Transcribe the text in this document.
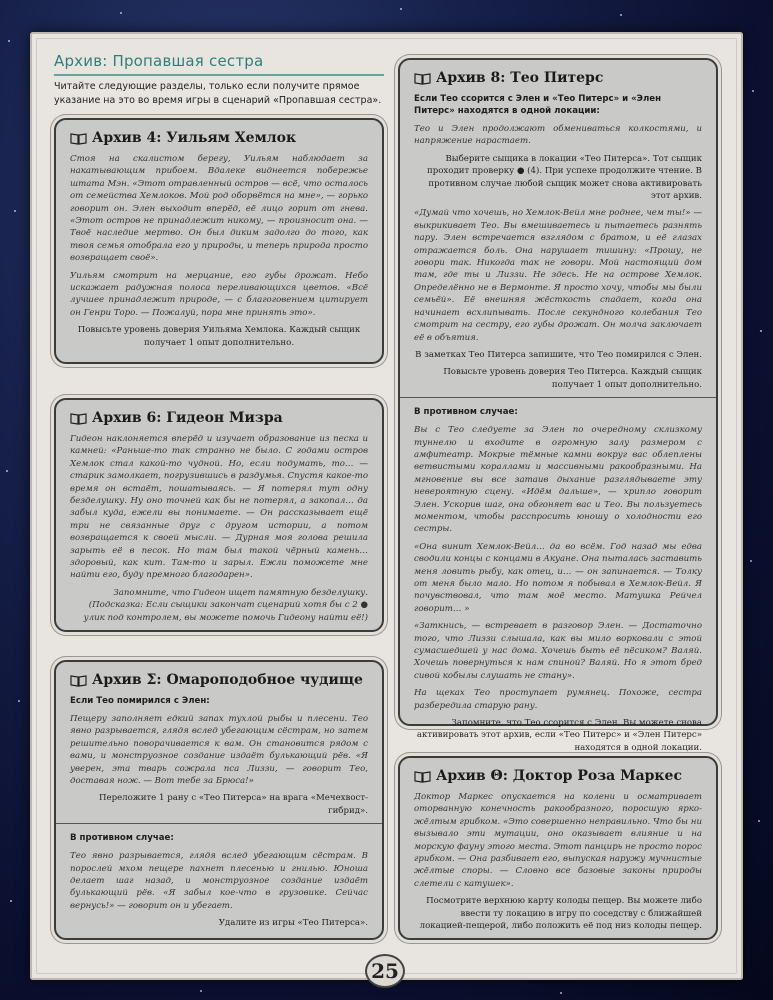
Архив: Пропавшая сестра
Читайте следующие разделы, только если получите прямое указание на это во время игры в сценарий «Пропавшая сестра».
Архив 4: Уильям Хемлок

Стоя на скалистом берегу, Уильям наблюдает за накатывающим прибоем. Вдалеке виднеется побережье штата Мэн. «Этот отравленный остров — всё, что осталось от семейства Хемлоков. Мой род оборвётся на мне», — горько говорит он. Элен выходит вперёд, её лицо горит от гнева. «Этот остров не принадлежит никому, — произносит она. — Твоё наследие мертво. Он был диким задолго до того, как твоя семья отобрала его у природы, и теперь природа просто возвращает своё».

Уильям смотрит на мерцание, его губы дрожат. Небо искажает радужная полоса переливающихся цветов. «Всё лучшее принадлежит природе, — с благоговением цитирует он Генри Торо. — Пожалуй, пора мне принять это».

Повысьте уровень доверия Уильяма Хемлока. Каждый сыщик получает 1 опыт дополнительно.

Архив 6: Гидеон Мизра

Гидеон наклоняется вперёд и изучает образование из песка и камней: «Раньше-то так странно не было. С годами остров Хемлок стал какой-то чудной. Но, если подумать, то… — старик замолкает, погрузившись в раздумья. Спустя какое-то время он встаёт, пошатываясь. — Я потерял тут одну безделушку. Ну оно точней как бы не потерял, а закопал… да забыл куда, ежели вы понимаете. — Он рассказывает ещё три не связанные друг с другом истории, а потом возвращается к своей мысли. — Дурная моя голова решила зарыть её в песок. Но там был такой чёрный камень… здоровый, как кит. Там-то и зарыл. Ежли поможете мне найти его, буду премного благодарен».

Запомните, что Гидеон ищет памятную безделушку. (Подсказка: Если сыщики закончат сценарий хотя бы с 2 ● улик под контролем, вы можете помочь Гидеону найти её!)

Архив Σ: Омароподобное чудище

Если Тео помирился с Элен:

Пещеру заполняет едкий запах тухлой рыбы и плесени. Тео явно разрывается, глядя вслед убегающим сёстрам, но затем решительно поворачивается к вам. Он становится рядом с вами, и монструозное создание издаёт булькающий рёв. «Я уверен, эта тварь сожрала пса Лиззи, — говорит Тео, доставая нож. — Вот тебе за Брюса!»

Переложите 1 рану с «Тео Питерса» на врага «Мечехвост-гибрид».

В противном случае:

Тео явно разрывается, глядя вслед убегающим сёстрам. В порослей мхом пещере пахнет плесенью и гнилью. Юноша делает шаг назад, и монструозное создание издаёт булькающий рёв. «Я забыл кое-что в грузовике. Сейчас вернусь!» — говорит он и убегает.

Удалите из игры «Тео Питерса».

Архив 8: Тео Питерс

Если Тео ссорится с Элен и «Тео Питерс» и «Элен Питерс» находятся в одной локации:

Тео и Элен продолжают обмениваться колкостями, и напряжение нарастает.

Выберите сыщика в локации «Тео Питерса». Тот сыщик проходит проверку ● (4). При успехе продолжите чтение. В противном случае любой сыщик может снова активировать этот архив.

«Думай что хочешь, но Хемлок-Вейл мне роднее, чем ты!» — выкрикивает Тео. Вы вмешиваетесь и пытаетесь разнять пару. Элен встречается взглядом с братом, и её глазах отражается боль. Она нарушает тишину: «Прошу, не говори так. Никогда так не говори. Мой настоящий дом там, где ты и Лиззи. Не здесь. Не на острове Хемлок. Определённо не в Вермонте. Я просто хочу, чтобы мы были семьёй». Её внешняя жёсткость спадает, когда она начинает всхлипывать. После секундного колебания Тео смотрит на сестру, его губы дрожат. Он молча заключает её в объятия.

В заметках Тео Питерса запишите, что Тео помирился с Элен.

Повысьте уровень доверия Тео Питерса. Каждый сыщик получает 1 опыт дополнительно.

В противном случае:

Вы с Тео следуете за Элен по очередному склизкому туннелю и входите в огромную залу размером с амфитеатр. Мокрые тёмные камни вокруг вас облеплены ветвистыми кораллами и массивными ракообразными. На мгновение вы все затаив дыхание разглядываете эту невероятную сцену. «Идём дальше», — хрипло говорит Элен. Ускорив шаг, она обгоняет вас и Тео. Вы пользуетесь моментом, чтобы расспросить юношу о холодности его сестры.

«Она винит Хемлок-Вейл… да во всём. Год назад мы едва сводили концы с концами в Акуане. Она пыталась заставить меня ловить рыбу, как отец, и… — он запинается. — Толку от меня было мало. Но потом я побывал в Хемлок-Вейл. Я почувствовал, что там моё место. Матушка Рейчел говорит… »

«Заткнись, — встревает в разговор Элен. — Достаточно того, что Лиззи слышала, как вы мило ворковали с этой сумасшедшей у нас дома. Хочешь быть её пёсиком? Валяй. Хочешь повернуться к нам спиной? Валяй. Но я этот бред сивой кобылы слушать не стану».

На щеках Тео проступает румянец. Похоже, сестра разбередила старую рану.

Запомните, что Тео ссорится с Элен. Вы можете снова активировать этот архив, если «Тео Питерс» и «Элен Питерс» находятся в одной локации.

Архив Θ: Доктор Роза Маркес

Доктор Маркес опускается на колени и осматривает оторванную конечность ракообразного, поросшую ярко-жёлтым грибком. «Это совершенно неправильно. Что бы ни вызывало эти мутации, оно оказывает влияние и на морскую фауну этого места. Этот панцирь не просто порос грибком. — Она разбивает его, выпуская наружу мучнистые жёлтые споры. — Словно все базовые законы природы слетели с катушек».

Посмотрите верхнюю карту колоды пещер. Вы можете либо ввести ту локацию в игру по соседству с ближайшей локацией-пещерой, либо положить её под низ колоды пещер.

25
